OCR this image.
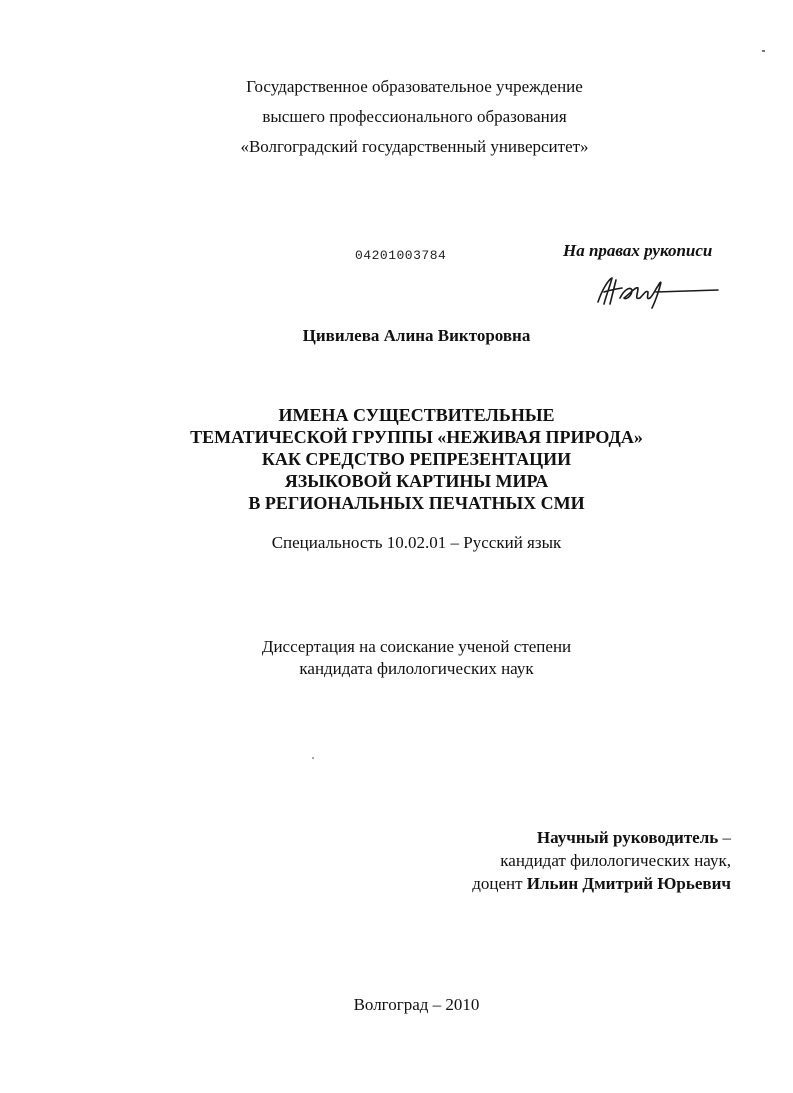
Государственное образовательное учреждение
высшего профессионального образования
«Волгоградский государственный университет»
04201003784	На правах рукописи
Цивилева Алина Викторовна
ИМЕНА СУЩЕСТВИТЕЛЬНЫЕ
ТЕМАТИЧЕСКОЙ ГРУППЫ «НЕЖИВАЯ ПРИРОДА»
КАК СРЕДСТВО РЕПРЕЗЕНТАЦИИ
ЯЗЫКОВОЙ КАРТИНЫ МИРА
В РЕГИОНАЛЬНЫХ ПЕЧАТНЫХ СМИ
Специальность 10.02.01 – Русский язык
Диссертация на соискание ученой степени
кандидата филологических наук
Научный руководитель –
кандидат филологических наук,
доцент Ильин Дмитрий Юрьевич
Волгоград – 2010
